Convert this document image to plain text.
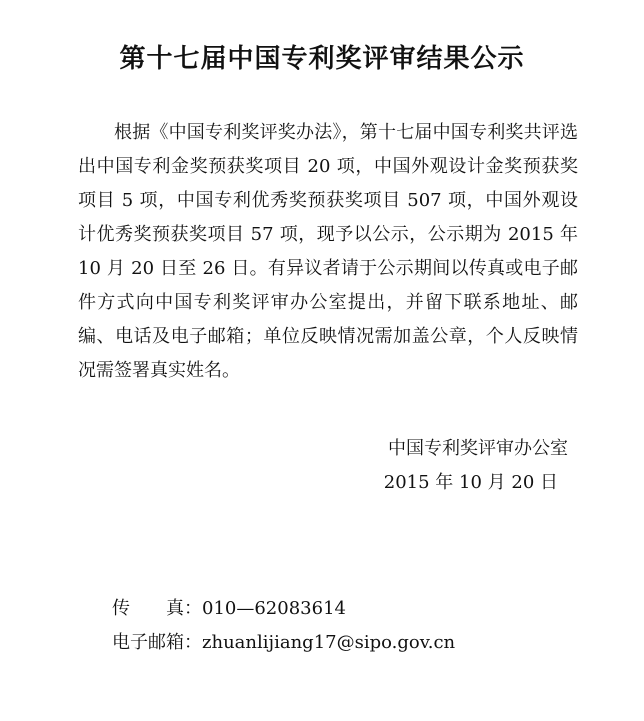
第十七届中国专利奖评审结果公示

根据《中国专利奖评奖办法》，第十七届中国专利奖共评选出中国专利金奖预获奖项目 20 项，中国外观设计金奖预获奖项目 5 项，中国专利优秀奖预获奖项目 507 项，中国外观设计优秀奖预获奖项目 57 项，现予以公示，公示期为 2015 年 10 月 20 日至 26 日。有异议者请于公示期间以传真或电子邮件方式向中国专利奖评审办公室提出，并留下联系地址、邮编、电话及电子邮箱；单位反映情况需加盖公章，个人反映情况需签署真实姓名。

中国专利奖评审办公室
2015 年 10 月 20 日
传　　真： 010—62083614
电子邮箱： zhuanlijiang17@sipo.gov.cn
